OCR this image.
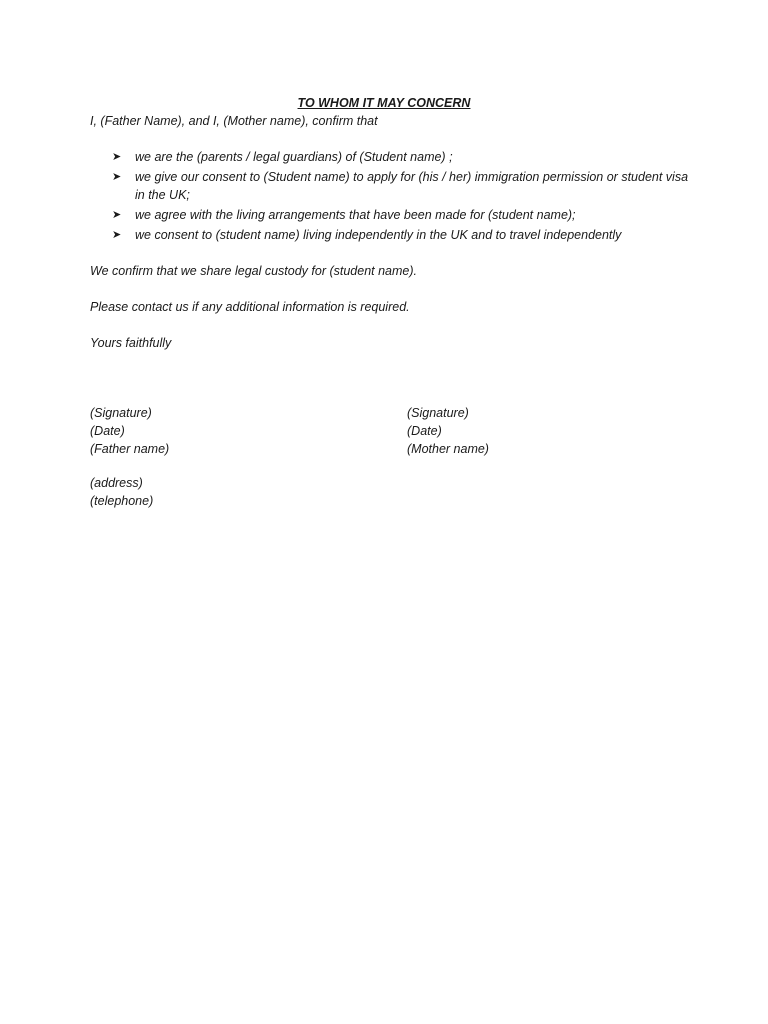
TO WHOM IT MAY CONCERN

I, (Father Name), and I, (Mother name), confirm that

➤ we are the (parents / legal guardians) of (Student name) ;
➤ we give our consent to (Student name) to apply for (his / her) immigration permission or student visa in the UK;
➤ we agree with the living arrangements that have been made for (student name);
➤ we consent to (student name) living independently in the UK and to travel independently

We confirm that we share legal custody for (student name).

Please contact us if any additional information is required.

Yours faithfully

(Signature)
(Date)
(Father name)
(Signature)
(Date)
(Mother name)
(address)
(telephone)
